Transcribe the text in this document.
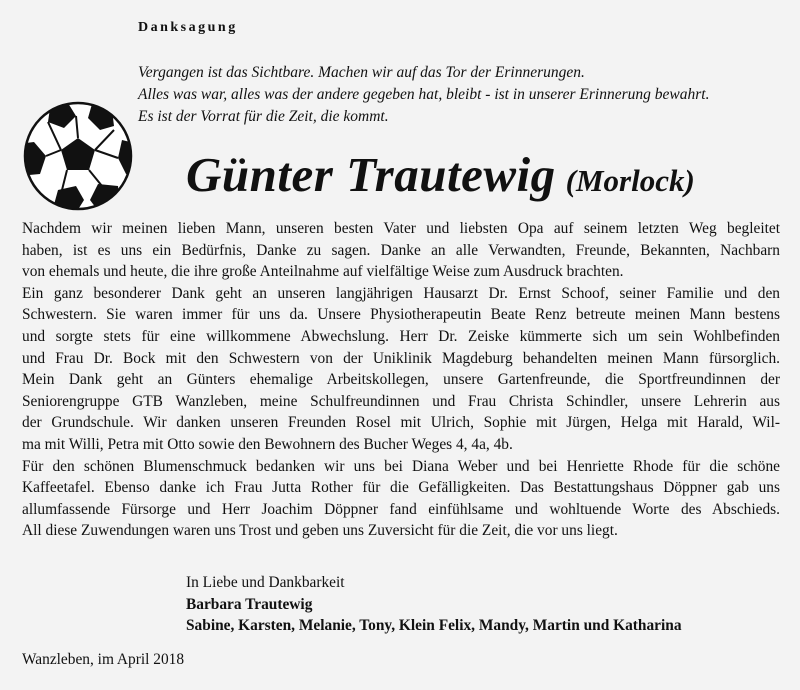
Danksagung
Vergangen ist das Sichtbare. Machen wir auf das Tor der Erinnerungen.
Alles was war, alles was der andere gegeben hat, bleibt - ist in unserer Erinnerung bewahrt.
Es ist der Vorrat für die Zeit, die kommt.
Günter Trautewig (Morlock)
Nachdem wir meinen lieben Mann, unseren besten Vater und liebsten Opa auf seinem letzten Weg begleitet
haben, ist es uns ein Bedürfnis, Danke zu sagen. Danke an alle Verwandten, Freunde, Bekannten, Nachbarn
von ehemals und heute, die ihre große Anteilnahme auf vielfältige Weise zum Ausdruck brachten.
Ein ganz besonderer Dank geht an unseren langjährigen Hausarzt Dr. Ernst Schoof, seiner Familie und den
Schwestern. Sie waren immer für uns da. Unsere Physiotherapeutin Beate Renz betreute meinen Mann bestens
und sorgte stets für eine willkommene Abwechslung. Herr Dr. Zeiske kümmerte sich um sein Wohlbefinden
und Frau Dr. Bock mit den Schwestern von der Uniklinik Magdeburg behandelten meinen Mann fürsorglich.
Mein Dank geht an Günters ehemalige Arbeitskollegen, unsere Gartenfreunde, die Sportfreundinnen der
Seniorengruppe GTB Wanzleben, meine Schulfreundinnen und Frau Christa Schindler, unsere Lehrerin aus
der Grundschule. Wir danken unseren Freunden Rosel mit Ulrich, Sophie mit Jürgen, Helga mit Harald, Wil-
ma mit Willi, Petra mit Otto sowie den Bewohnern des Bucher Weges 4, 4a, 4b.
Für den schönen Blumenschmuck bedanken wir uns bei Diana Weber und bei Henriette Rhode für die schöne
Kaffeetafel. Ebenso danke ich Frau Jutta Rother für die Gefälligkeiten. Das Bestattungshaus Döppner gab uns
allumfassende Fürsorge und Herr Joachim Döppner fand einfühlsame und wohltuende Worte des Abschieds.
All diese Zuwendungen waren uns Trost und geben uns Zuversicht für die Zeit, die vor uns liegt.
In Liebe und Dankbarkeit
Barbara Trautewig
Sabine, Karsten, Melanie, Tony, Klein Felix, Mandy, Martin und Katharina
Wanzleben, im April 2018
